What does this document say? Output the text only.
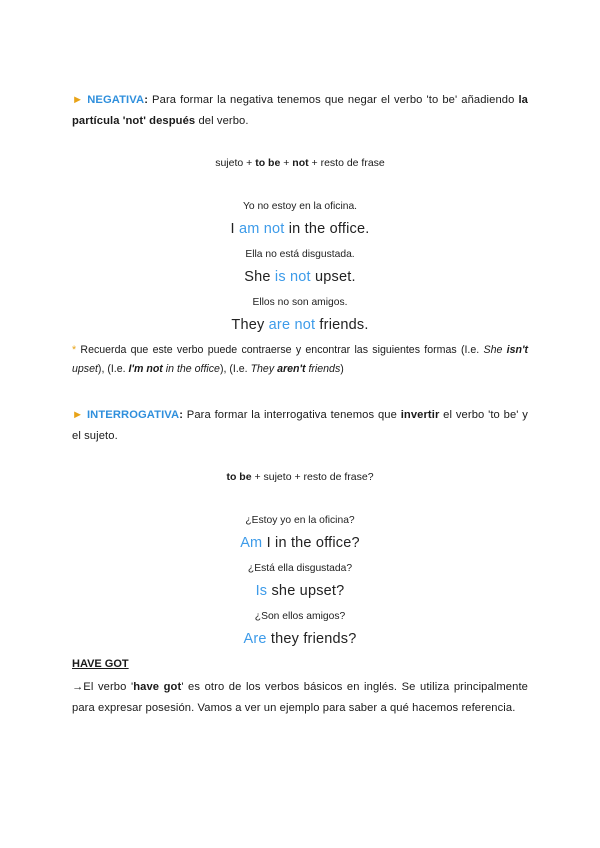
► NEGATIVA: Para formar la negativa tenemos que negar el verbo 'to be' añadiendo la partícula 'not' después del verbo.
sujeto + to be + not + resto de frase
Yo no estoy en la oficina.
I am not in the office.
Ella no está disgustada.
She is not upset.
Ellos no son amigos.
They are not friends.
* Recuerda que este verbo puede contraerse y encontrar las siguientes formas (I.e. She isn't upset), (I.e. I'm not in the office), (I.e. They aren't friends)
► INTERROGATIVA: Para formar la interrogativa tenemos que invertir el verbo 'to be' y el sujeto.
to be + sujeto + resto de frase?
¿Estoy yo en la oficina?
Am I in the office?
¿Está ella disgustada?
Is she upset?
¿Son ellos amigos?
Are they friends?
HAVE GOT
→El verbo 'have got' es otro de los verbos básicos en inglés. Se utiliza principalmente para expresar posesión. Vamos a ver un ejemplo para saber a qué hacemos referencia.
